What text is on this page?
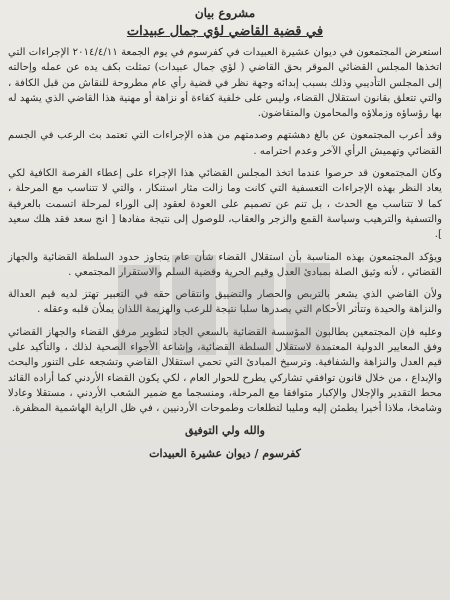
مشروع بيان
في قضية القاضي لؤي جمال عبيدات

استعرض المجتمعون في ديوان عشيرة العبيدات في كفرسوم في يوم الجمعة ٢٠١٤/٤/١١ الإجراءات التي اتخذها المجلس القضائي الموقر بحق القاضي ( لؤي جمال عبيدات) تمثلت بكف يده عن عمله وإحالته إلى المجلس التأديبي وذلك بسبب إبدائه وجهة نظر في قضية رأي عام مطروحة للنقاش من قبل الكافة ، والتي تتعلق بقانون استقلال القضاء، وليس على خلفية كفاءة أو نزاهة أو مهنية هذا القاضي الذي يشهد له بها رؤساؤه وزملاؤه والمحامون والمتقاضون.

وقد أعرب المجتمعون عن بالغ دهشتهم وصدمتهم من هذه الإجراءات التي تعتمد بث الرعب في الجسم القضائي وتهميش الرأي الآخر وعدم احترامه .

وكان المجتمعون قد حرصوا عندما اتخذ المجلس القضائي هذا الإجراء على إعطاء الفرصة الكافية لكي يعاد النظر بهذه الإجراءات التعسفية التي كانت وما زالت مثار استنكار ، والتي لا تتناسب مع المرحلة ، كما لا تتناسب مع الحدث ، بل تنم عن تصميم على العودة لعقود إلى الوراء لمرحلة اتسمت بالعرفية والتسفية والترهيب وسياسة القمع والزجر والعقاب، للوصول إلى نتيجة مفادها [ انج سعد فقد هلك سعيد ].

ويؤكد المجتمعون بهذه المناسبة بأن استقلال القضاء شأن عام يتجاوز حدود السلطة القضائية والجهاز القضائي ، لأنه وثيق الصلة بمبادئ العدل وقيم الحرية وقضية السلم والاستقرار المجتمعي .

ولأن القاضي الذي يشعر بالتربص والحصار والتضييق وانتقاص حقه في التعبير تهتز لديه قيم العدالة والنزاهة والحيدة وتتأثر الأحكام التي يصدرها سلبا نتيجة للرعب والهزيمة اللذان يملأن قلبه وعقله .

وعليه فإن المجتمعين يطالبون المؤسسة القضائية بالسعي الجاد لتطوير مرفق القضاء والجهاز القضائي وفق المعايير الدولية المعتمدة لاستقلال السلطة القضائية، وإشاعة الأجواء الصحية لذلك ، والتأكيد على قيم العدل والنزاهة والشفافية. وترسيخ المبادئ التي تحمي استقلال القاضي وتشجعه على التنور والبحث والإبداع ، من خلال قانون توافقي تشاركي يطرح للحوار العام ، لكي يكون القضاء الأردني كما أراده القائد محط التقدير والإجلال والإكبار متوافقا مع المرحلة، ومنسجما مع ضمير الشعب الأردني ، مستقلا وعادلا وشامخا، ملاذا أخيرا يطمئن إليه ومليبا لتطلعات وطموحات الأردنيين ، في ظل الراية الهاشمية المظفرة.

والله ولي التوفيق
كفرسوم / ديوان عشيرة العبيدات
